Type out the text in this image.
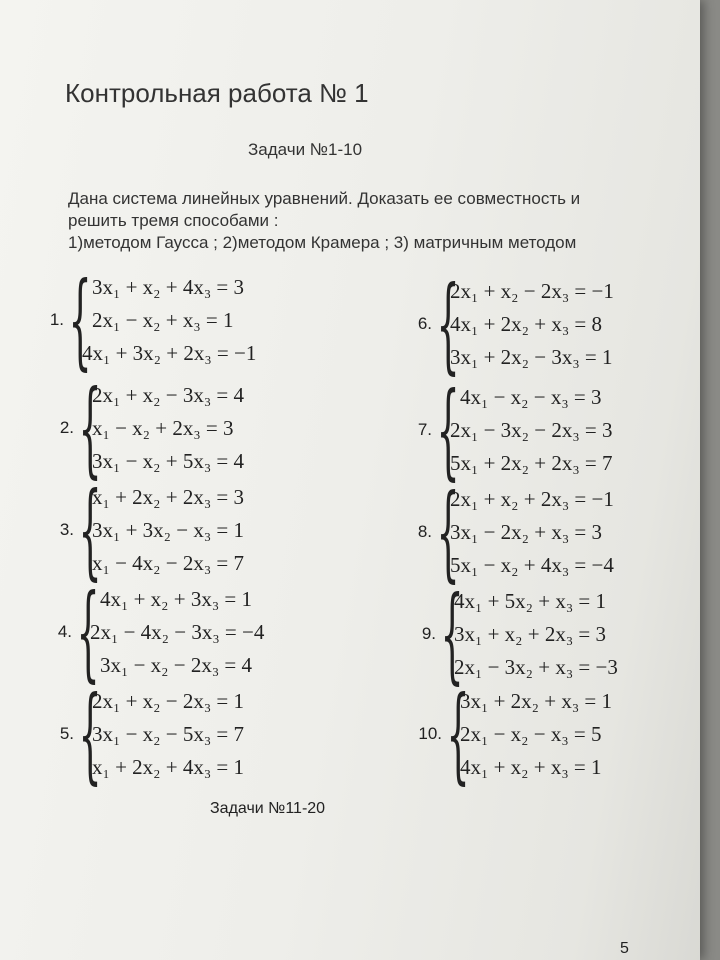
Контрольная работа № 1
Задачи №1-10
Дана система линейных уравнений. Доказать ее совместность и
решить тремя способами :
1)методом Гаусса ; 2)методом Крамера ; 3) матричным методом
1. { 3x₁ + x₂ + 4x₃ = 3
2x₁ − x₂ + x₃ = 1
4x₁ + 3x₂ + 2x₃ = −1
2. {
2x₁ + x₂ − 3x₃ = 4
x₁ − x₂ + 2x₃ = 3
3x₁ − x₂ + 5x₃ = 4
3. {
x₁ + 2x₂ + 2x₃ = 3
3x₁ + 3x₂ − x₃ = 1
x₁ − 4x₂ − 2x₃ = 7
4. { 4x₁ + x₂ + 3x₃ = 1
2x₁ − 4x₂ − 3x₃ = −4
3x₁ − x₂ − 2x₃ = 4
5. {
2x₁ + x₂ − 2x₃ = 1
3x₁ − x₂ − 5x₃ = 7
x₁ + 2x₂ + 4x₃ = 1
6. {
2x₁ + x₂ − 2x₃ = −1
4x₁ + 2x₂ + x₃ = 8
3x₁ + 2x₂ − 3x₃ = 1
7. { 4x₁ − x₂ − x₃ = 3
2x₁ − 3x₂ − 2x₃ = 3
5x₁ + 2x₂ + 2x₃ = 7
8. {
2x₁ + x₂ + 2x₃ = −1
3x₁ − 2x₂ + x₃ = 3
5x₁ − x₂ + 4x₃ = −4
9. {
4x₁ + 5x₂ + x₃ = 1
3x₁ + x₂ + 2x₃ = 3
2x₁ − 3x₂ + x₃ = −3
10. {
3x₁ + 2x₂ + x₃ = 1
2x₁ − x₂ − x₃ = 5
4x₁ + x₂ + x₃ = 1
Задачи №11-20
5
